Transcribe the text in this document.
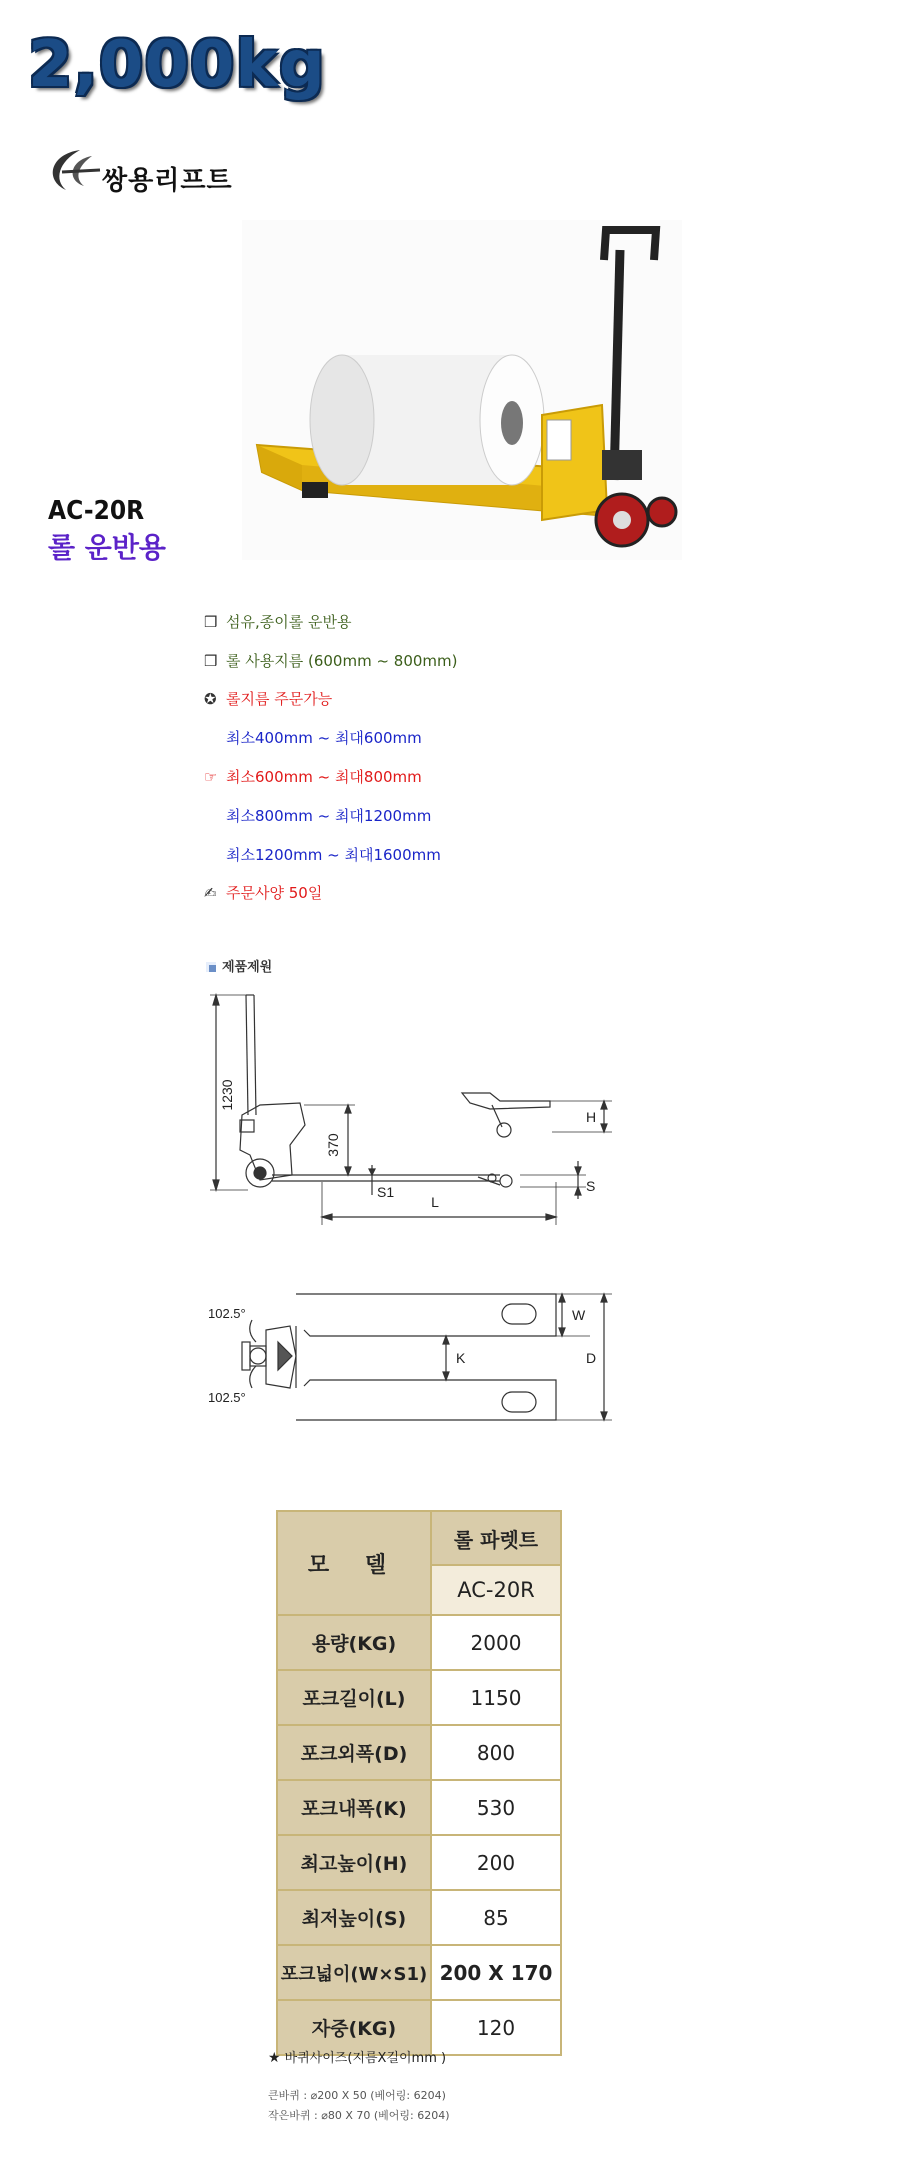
2,000kg
쌍용리프트
AC-20R
롤 운반용
❒ 섬유,종이롤 운반용
❒ 롤 사용지름 (600mm ~ 800mm)
✪ 롤지름 주문가능
최소400mm ~ 최대600mm
☞ 최소600mm ~ 최대800mm
최소800mm ~ 최대1200mm
최소1200mm ~ 최대1600mm
✍ 주문사양 50일
제품제원
1230
370
S1
L
H
S
102.5°
102.5°
K
W
D
모 델	롤 파렛트
	AC-20R
용량(KG)	2000
포크길이(L)	1150
포크외폭(D)	800
포크내폭(K)	530
최고높이(H)	200
최저높이(S)	85
포크넓이(W×S1)	200 X 170
자중(KG)	120
★ 바퀴사이즈(지름X길이mm )
큰바퀴 : ⌀200 X 50 (베어링: 6204)
작은바퀴 : ⌀80 X 70 (베어링: 6204)
